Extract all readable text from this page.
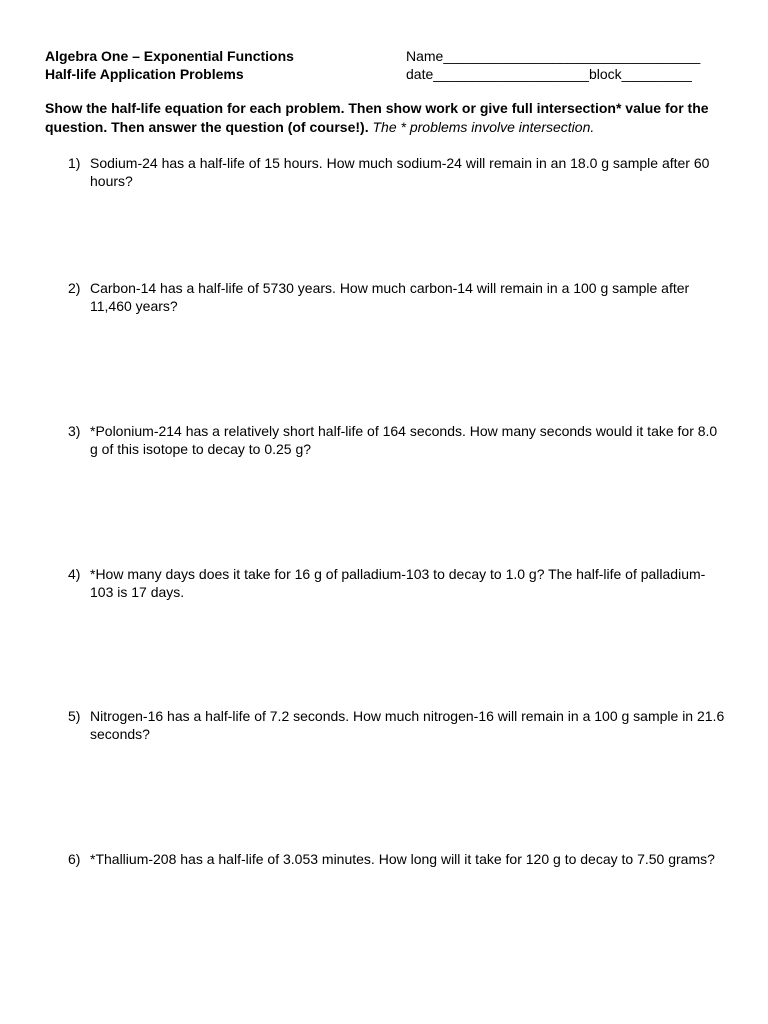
Algebra One – Exponential Functions
Half-life Application Problems
Name_________________________________
date____________________block_________
Show the half-life equation for each problem. Then show work or give full intersection* value for the question. Then answer the question (of course!). The * problems involve intersection.
1) Sodium-24 has a half-life of 15 hours. How much sodium-24 will remain in an 18.0 g sample after 60 hours?
2) Carbon-14 has a half-life of 5730 years. How much carbon-14 will remain in a 100 g sample after 11,460 years?
3) *Polonium-214 has a relatively short half-life of 164 seconds. How many seconds would it take for 8.0 g of this isotope to decay to 0.25 g?
4) *How many days does it take for 16 g of palladium-103 to decay to 1.0 g? The half-life of palladium-103 is 17 days.
5) Nitrogen-16 has a half-life of 7.2 seconds. How much nitrogen-16 will remain in a 100 g sample in 21.6 seconds?
6) *Thallium-208 has a half-life of 3.053 minutes. How long will it take for 120 g to decay to 7.50 grams?
